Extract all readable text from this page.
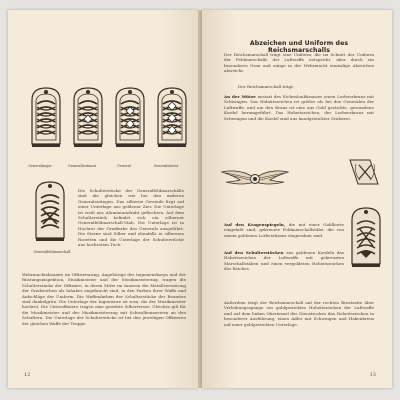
Generalmajor	Generalleutnant	General	Generaloberst
Generalfeldmarschall
Die Schulterstücke der Generalfeldmarschälle sind die gleichen wie bei den anderen Generalsträngen. Das silberne Gewinde liegt auf einer Unterlage aus goldener Zier. Die Unterlage ist weiß aus Aluminiumdraht geflochten. Auf dem Schulterstück befindet sich ein silberner Generalfeldmarschall-Stab. Die Unterlage ist in Hochrot der Gradfarbe des Generals ausgeführt. Die Sterne sind Silber und ebenfalls in silbernen Rosetten und die Unterlage der Schulterstücke aus hochrotem Tuch.
Wehrmachtsbeamte im Offiziersrang, Angehörige des Ingenieurkorps und der Rüstungsinspektion, Musikmeister und der Musikmeisterzug, tragen die Schulterstücke der Offiziere, in deren Mitte im Inneren die Metallverzierung der Gradzeichen als Inhaber angebracht sind, in den Farben ihrer Waffe und Aufschläge der Uniform. Die Waffenfarben der Schulterstücke der Beamten sind dunkelgrün. Die Unterlage der Ingenieure ist rosa, die der Musikmeister hochrot. Die Unteroffiziere tragen eine gewebte Silbertresse. Gleiches gilt für die Musikmeister und der Musikmeisterzug mit Schwalbennestern an den Schultern. Die Unterlage der Schulterstücke ist bei den jeweiligen Offizieren der gleichen Waffe der Truppe.
12
Abzeichen und Uniform des Reichsmarschalls
Der Reichsmarschall trägt eine Uniform, die im Schnitt der Uniform der Feldmarschälle der Luftwaffe entspricht, aber durch ein besonderes Grau und einige in der Wehrmacht einmalige Abzeichen abweicht.
Der Reichsmarschall trägt:
An der Mütze anstatt des Eichenlaubkranzes einen Lorbeerkranz mit Schwingen. Das Hoheitszeichen ist größer als bei den Generalen der Luftwaffe, und um den Kranz ist eine aus Gold gestickte, gewundene Kordel herumgeführt. Das Hoheitszeichen, der Lorbeerkranz mit Schwingen und die Kordel sind aus handgestickter Stickerei.
Auf den Kragenspiegeln, die mit einer Goldborte eingefaßt sind, gekreuzte Feldmarschallstäbe, die von einem goldenen Lorbeerkranz eingerahmt sind.
Auf den Schulterstücken aus goldenen Kordeln das Hoheitszeichen der Luftwaffe mit gekreuzten Marschallstäben und einen vergoldeten Hoheitszeichen des Reiches.
Außerdem trägt der Reichsmarschall auf der rechten Brustseite über Verleihungsspange ein goldgesticktes Hoheitszeichen der Luftwaffe und auf dem linken Oberärmel des Dienstrockes das Hoheitszeichen in besonderer Ausführung, einen Adler mit Schwingen und Hakenkreuz auf einer goldgestickten Unterlage.
13
